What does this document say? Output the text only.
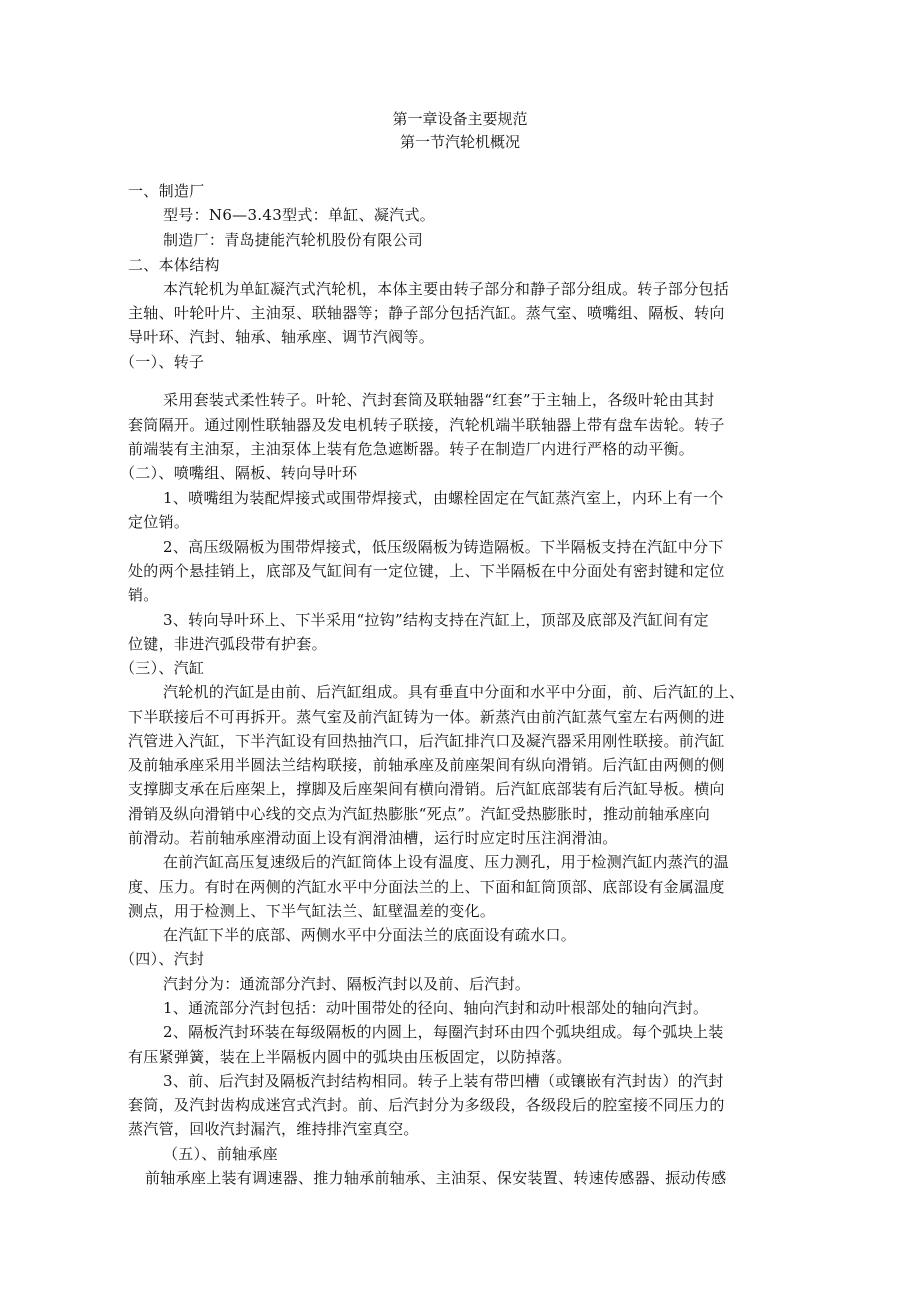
第一章设备主要规范
第一节汽轮机概况
一、制造厂
型号：N6—3.43型式：单缸、凝汽式。
制造厂：青岛捷能汽轮机股份有限公司
二、本体结构
本汽轮机为单缸凝汽式汽轮机，本体主要由转子部分和静子部分组成。转子部分包括
主轴、叶轮叶片、主油泵、联轴器等；静子部分包括汽缸。蒸气室、喷嘴组、隔板、转向
导叶环、汽封、轴承、轴承座、调节汽阀等。
（一）、转子
采用套装式柔性转子。叶轮、汽封套筒及联轴器“红套”于主轴上，各级叶轮由其封
套筒隔开。通过刚性联轴器及发电机转子联接，汽轮机端半联轴器上带有盘车齿轮。转子
前端装有主油泵，主油泵体上装有危急遮断器。转子在制造厂内进行严格的动平衡。
（二）、喷嘴组、隔板、转向导叶环
1、喷嘴组为装配焊接式或围带焊接式，由螺栓固定在气缸蒸汽室上，内环上有一个
定位销。
2、高压级隔板为围带焊接式，低压级隔板为铸造隔板。下半隔板支持在汽缸中分下
处的两个悬挂销上，底部及气缸间有一定位键，上、下半隔板在中分面处有密封键和定位
销。
3、转向导叶环上、下半采用“拉钩”结构支持在汽缸上，顶部及底部及汽缸间有定
位键，非进汽弧段带有护套。
（三）、汽缸
汽轮机的汽缸是由前、后汽缸组成。具有垂直中分面和水平中分面，前、后汽缸的上、
下半联接后不可再拆开。蒸气室及前汽缸铸为一体。新蒸汽由前汽缸蒸气室左右两侧的进
汽管进入汽缸，下半汽缸设有回热抽汽口，后汽缸排汽口及凝汽器采用刚性联接。前汽缸
及前轴承座采用半圆法兰结构联接，前轴承座及前座架间有纵向滑销。后汽缸由两侧的侧
支撑脚支承在后座架上，撑脚及后座架间有横向滑销。后汽缸底部装有后汽缸导板。横向
滑销及纵向滑销中心线的交点为汽缸热膨胀“死点”。汽缸受热膨胀时，推动前轴承座向
前滑动。若前轴承座滑动面上设有润滑油槽，运行时应定时压注润滑油。
在前汽缸高压复速级后的汽缸筒体上设有温度、压力测孔，用于检测汽缸内蒸汽的温
度、压力。有时在两侧的汽缸水平中分面法兰的上、下面和缸筒顶部、底部设有金属温度
测点，用于检测上、下半气缸法兰、缸壁温差的变化。
在汽缸下半的底部、两侧水平中分面法兰的底面设有疏水口。
（四）、汽封
汽封分为：通流部分汽封、隔板汽封以及前、后汽封。
1、通流部分汽封包括：动叶围带处的径向、轴向汽封和动叶根部处的轴向汽封。
2、隔板汽封环装在每级隔板的内圆上，每圈汽封环由四个弧块组成。每个弧块上装
有压紧弹簧，装在上半隔板内圆中的弧块由压板固定，以防掉落。
3、前、后汽封及隔板汽封结构相同。转子上装有带凹槽（或镶嵌有汽封齿）的汽封
套筒，及汽封齿构成迷宫式汽封。前、后汽封分为多级段，各级段后的腔室接不同压力的
蒸汽管，回收汽封漏汽，维持排汽室真空。
（五）、前轴承座
前轴承座上装有调速器、推力轴承前轴承、主油泵、保安装置、转速传感器、振动传感
